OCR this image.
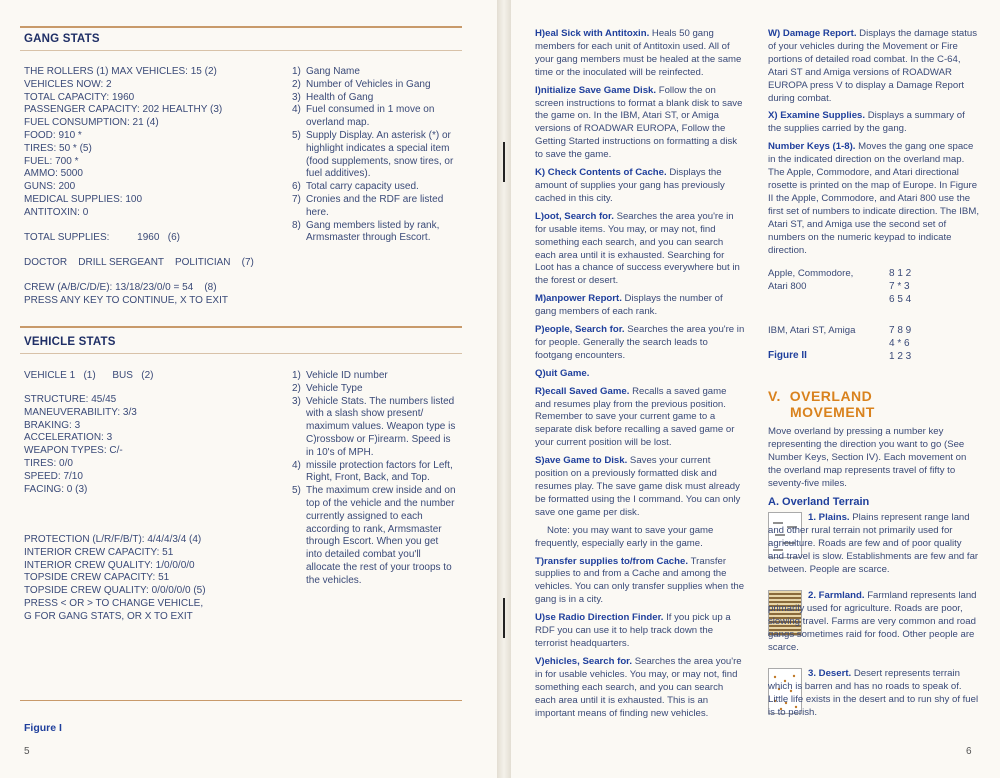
GANG STATS
THE ROLLERS (1) MAX VEHICLES: 15 (2)
VEHICLES NOW: 2
TOTAL CAPACITY: 1960
PASSENGER CAPACITY: 202 HEALTHY (3)
FUEL CONSUMPTION: 21 (4)
FOOD: 910 *
TIRES: 50 * (5)
FUEL: 700 *
AMMO: 5000
GUNS: 200
MEDICAL SUPPLIES: 100
ANTITOXIN: 0
TOTAL SUPPLIES:          1960   (6)
DOCTOR    DRILL SERGEANT    POLITICIAN    (7)
CREW (A/B/C/D/E): 13/18/23/0/0 = 54    (8)
PRESS ANY KEY TO CONTINUE, X TO EXIT
1) Gang Name
2) Number of Vehicles in Gang
3) Health of Gang
4) Fuel consumed in 1 move on overland map.
5) Supply Display. An asterisk (*) or highlight indicates a special item (food supplements, snow tires, or fuel additives).
6) Total carry capacity used.
7) Cronies and the RDF are listed here.
8) Gang members listed by rank, Armsmaster through Escort.
VEHICLE STATS
VEHICLE 1   (1)      BUS   (2)
STRUCTURE: 45/45
MANEUVERABILITY: 3/3
BRAKING: 3
ACCELERATION: 3
WEAPON TYPES: C/-
TIRES: 0/0
SPEED: 7/10
FACING: 0 (3)
PROTECTION (L/R/F/B/T): 4/4/4/3/4 (4)
INTERIOR CREW CAPACITY: 51
INTERIOR CREW QUALITY: 1/0/0/0/0
TOPSIDE CREW CAPACITY: 51
TOPSIDE CREW QUALITY: 0/0/0/0/0 (5)
PRESS < OR > TO CHANGE VEHICLE,
G FOR GANG STATS, OR X TO EXIT
1) Vehicle ID number
2) Vehicle Type
3) Vehicle Stats. The numbers listed with a slash show present/ maximum values. Weapon type is C)rossbow or F)irearm. Speed is in 10's of MPH.
4) missile protection factors for Left, Right, Front, Back, and Top.
5) The maximum crew inside and on top of the vehicle and the number currently assigned to each according to rank, Armsmaster through Escort. When you get into detailed combat you'll allocate the rest of your troops to the vehicles.
Figure I
5

H)eal Sick with Antitoxin. Heals 50 gang members for each unit of Antitoxin used. All of your gang members must be healed at the same time or the inoculated will be reinfected.

I)nitialize Save Game Disk. Follow the on screen instructions to format a blank disk to save the game on. In the IBM, Atari ST, or Amiga versions of ROADWAR EUROPA, Follow the Getting Started instructions on formatting a disk to save the game.

K) Check Contents of Cache. Displays the amount of supplies your gang has previously cached in this city.

L)oot, Search for. Searches the area you're in for usable items. You may, or may not, find something each search, and you can search each area until it is exhausted. Searching for Loot has a chance of success everywhere but in the forest or desert.

M)anpower Report. Displays the number of gang members of each rank.

P)eople, Search for. Searches the area you're in for people. Generally the search leads to footgang encounters.

Q)uit Game.

R)ecall Saved Game. Recalls a saved game and resumes play from the previous position. Remember to save your current game to a separate disk before recalling a saved game or your current position will be lost.

S)ave Game to Disk. Saves your current position on a previously formatted disk and resumes play. The save game disk must already be formatted using the I command. You can only save one game per disk.

Note: you may want to save your game frequently, especially early in the game.

T)ransfer supplies to/from Cache. Transfer supplies to and from a Cache and among the vehicles. You can only transfer supplies when the gang is in a city.

U)se Radio Direction Finder. If you pick up a RDF you can use it to help track down the terrorist headquarters.

V)ehicles, Search for. Searches the area you're in for usable vehicles. You may, or may not, find something each search, and you can search each area until it is exhausted. This is an important means of finding new vehicles.

W) Damage Report. Displays the damage status of your vehicles during the Movement or Fire portions of detailed road combat. In the C-64, Atari ST and Amiga versions of ROADWAR EUROPA press V to display a Damage Report during combat.

X) Examine Supplies. Displays a summary of the supplies carried by the gang.

Number Keys (1-8). Moves the gang one space in the indicated direction on the overland map. The Apple, Commodore, and Atari directional rosette is printed on the map of Europe. In Figure II the Apple, Commodore, and Atari 800 use the first set of numbers to indicate direction. The IBM, Atari ST, and Amiga use the second set of numbers on the numeric keypad to indicate direction.

Apple, Commodore,
Atari 800
8 1 2
7 * 3
6 5 4
IBM, Atari ST, Amiga	7 8 9
4 * 6
1 2 3
Figure II
V.  OVERLAND
MOVEMENT
Move overland by pressing a number key representing the direction you want to go (See Number Keys, Section IV). Each movement on the overland map represents travel of fifty to seventy-five miles.
A. Overland Terrain
1. Plains. Plains represent range land and other rural terrain not primarily used for agriculture. Roads are few and of poor quality and travel is slow. Establishments are few and far between. People are scarce.
2. Farmland. Farmland represents land primarily used for agriculture. Roads are poor, slowing travel. Farms are very common and road gangs sometimes raid for food. Other people are scarce.
3. Desert. Desert represents terrain which is barren and has no roads to speak of. Little life exists in the desert and to run shy of fuel is to perish.
6
